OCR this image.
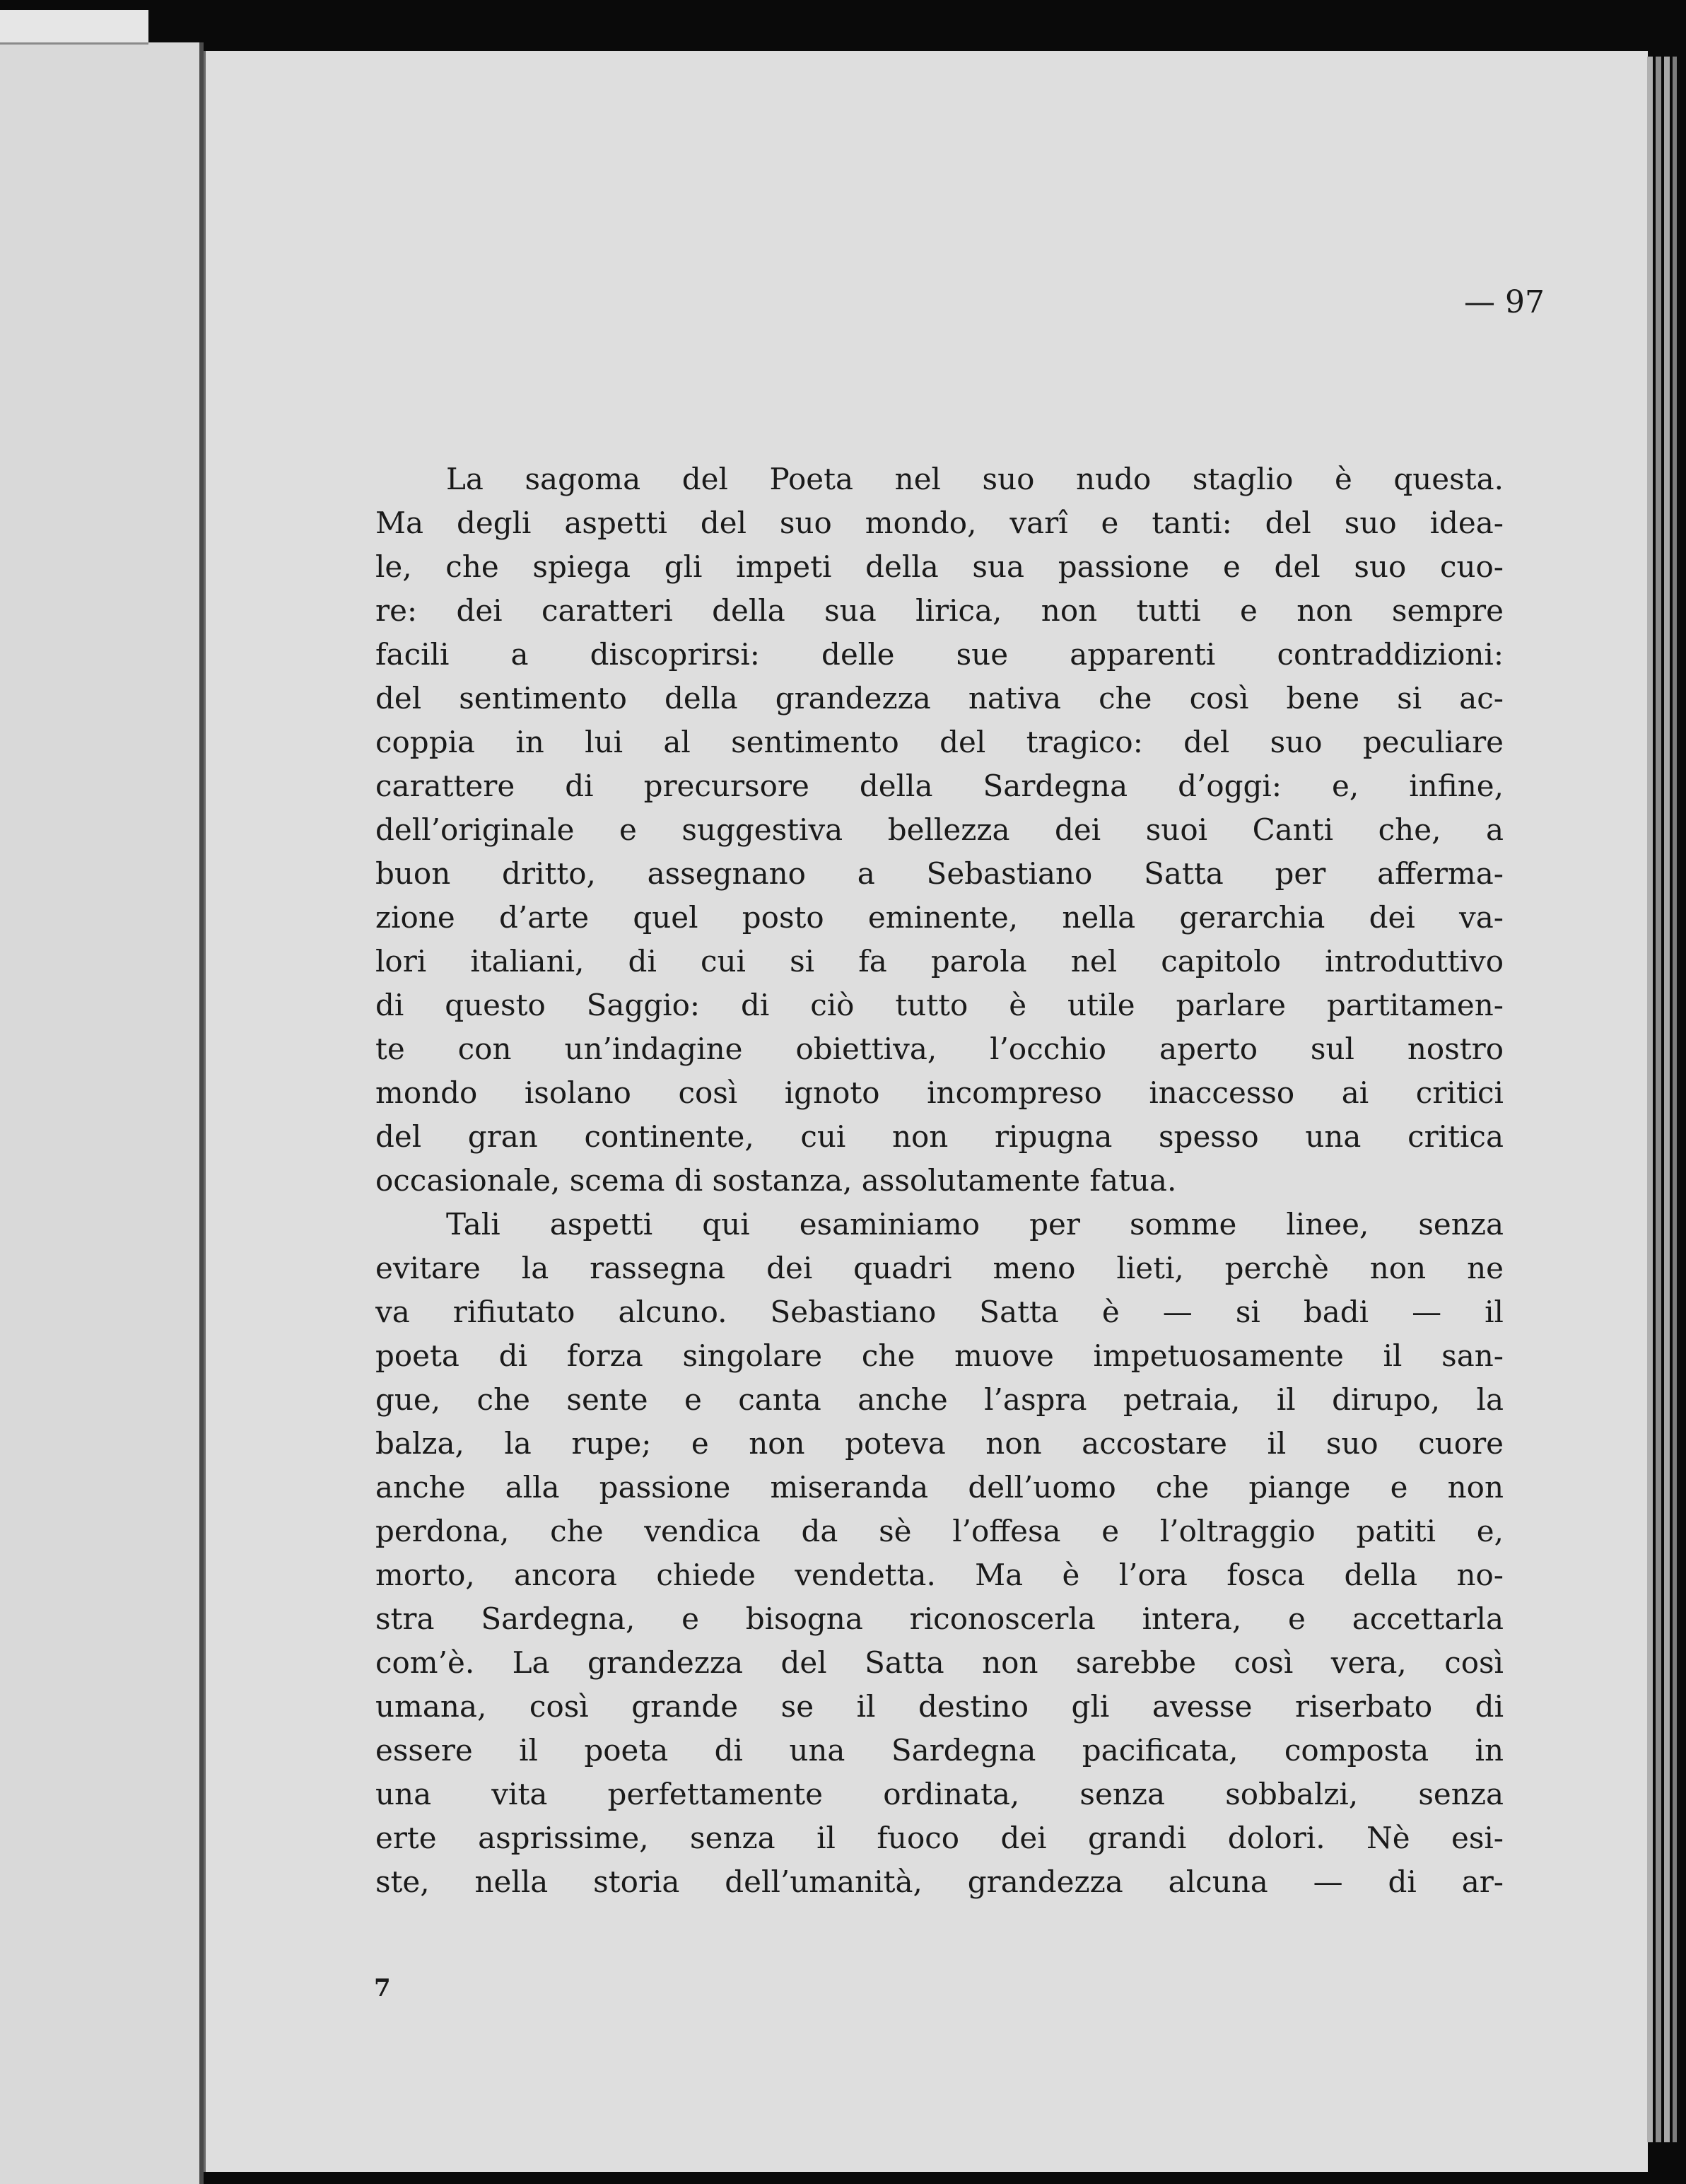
— 97

La sagoma del Poeta nel suo nudo staglio è questa.
Ma degli aspetti del suo mondo, varî e tanti: del suo idea-
le, che spiega gli impeti della sua passione e del suo cuo-
re: dei caratteri della sua lirica, non tutti e non sempre
facili a discoprirsi: delle sue apparenti contraddizioni:
del sentimento della grandezza nativa che così bene si ac-
coppia in lui al sentimento del tragico: del suo peculiare
carattere di precursore della Sardegna d’oggi: e, infine,
dell’originale e suggestiva bellezza dei suoi Canti che, a
buon dritto, assegnano a Sebastiano Satta per afferma-
zione d’arte quel posto eminente, nella gerarchia dei va-
lori italiani, di cui si fa parola nel capitolo introduttivo
di questo Saggio: di ciò tutto è utile parlare partitamen-
te con un’indagine obiettiva, l’occhio aperto sul nostro
mondo isolano così ignoto incompreso inaccesso ai critici
del gran continente, cui non ripugna spesso una critica
occasionale, scema di sostanza, assolutamente fatua.

Tali aspetti qui esaminiamo per somme linee, senza
evitare la rassegna dei quadri meno lieti, perchè non ne
va rifiutato alcuno. Sebastiano Satta è — si badi — il
poeta di forza singolare che muove impetuosamente il san-
gue, che sente e canta anche l’aspra petraia, il dirupo, la
balza, la rupe; e non poteva non accostare il suo cuore
anche alla passione miseranda dell’uomo che piange e non
perdona, che vendica da sè l’offesa e l’oltraggio patiti e,
morto, ancora chiede vendetta. Ma è l’ora fosca della no-
stra Sardegna, e bisogna riconoscerla intera, e accettarla
com’è. La grandezza del Satta non sarebbe così vera, così
umana, così grande se il destino gli avesse riserbato di
essere il poeta di una Sardegna pacificata, composta in
una vita perfettamente ordinata, senza sobbalzi, senza
erte asprissime, senza il fuoco dei grandi dolori. Nè esi-
ste, nella storia dell’umanità, grandezza alcuna — di ar-

7
